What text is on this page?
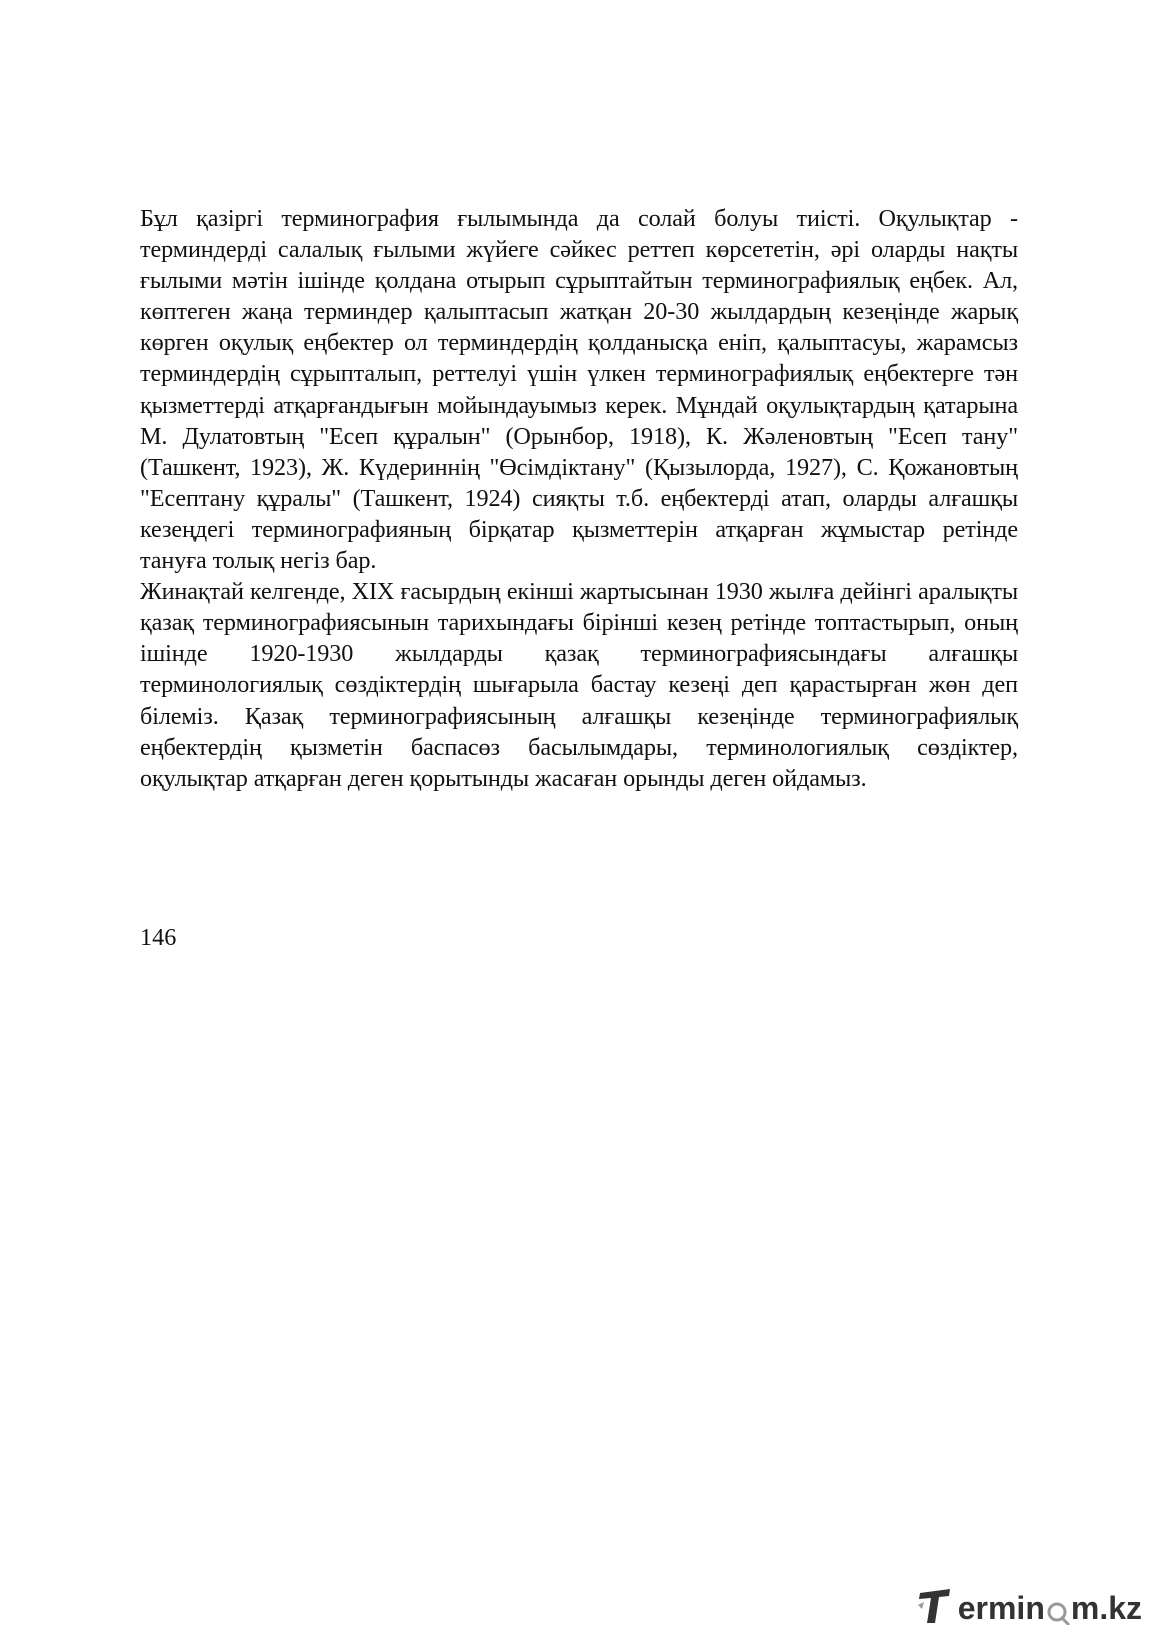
Бұл қазіргі терминография ғылымында да солай болуы тиісті. Оқулықтар - терминдерді салалық ғылыми жүйеге сәйкес реттеп көрсететін, әрі оларды нақты ғылыми мәтін ішінде қолдана отырып сұрыптайтын терминографиялық еңбек. Ал, көптеген жаңа терминдер қалыптасып жатқан 20-30 жылдардың кезеңінде жарық көрген оқулық еңбектер ол терминдердің қолданысқа еніп, қалыптасуы, жарамсыз терминдердің сұрыпталып, реттелуі үшін үлкен терминографиялық еңбектерге тән қызметтерді атқарғандығын мойындауымыз керек. Мұндай оқулықтардың қатарына М. Дулатовтың "Есеп құралын" (Орынбор, 1918), К. Жәленовтың "Есеп тану" (Ташкент, 1923), Ж. Күдериннің "Өсімдіктану" (Қызылорда, 1927), С. Қожановтың "Есептану құралы" (Ташкент, 1924) сияқты т.б. еңбектерді атап, оларды алғашқы кезеңдегі терминографияның бірқатар қызметтерін атқарған жұмыстар ретінде тануға толық негіз бар.

Жинақтай келгенде, XIX ғасырдың екінші жартысынан 1930 жылға дейінгі аралықты қазақ терминографиясынын тарихындағы бірінші кезең ретінде топтастырып, оның ішінде 1920-1930 жылдарды қазақ терминографиясындағы алғашқы терминологиялық сөздіктердің шығарыла бастау кезеңі деп қарастырған жөн деп білеміз. Қазақ терминографиясының алғашқы кезеңінде терминографиялық еңбектердің қызметін баспасөз басылымдары, терминологиялық сөздіктер, оқулықтар атқарған деген қорытынды жасаған орынды деген ойдамыз.

146
ermin m.kz
